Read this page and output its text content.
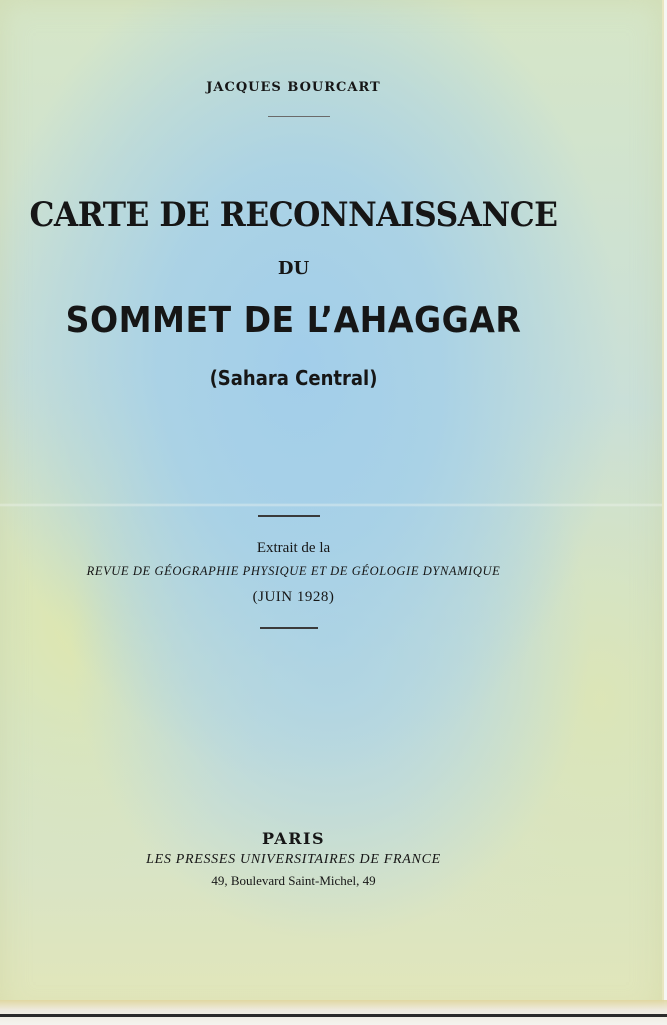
JACQUES BOURCART
CARTE DE RECONNAISSANCE
DU
SOMMET DE L’AHAGGAR
(Sahara Central)
Extrait de la
REVUE DE GÉOGRAPHIE PHYSIQUE ET DE GÉOLOGIE DYNAMIQUE
(JUIN 1928)
PARIS
LES PRESSES UNIVERSITAIRES DE FRANCE
49, Boulevard Saint-Michel, 49
